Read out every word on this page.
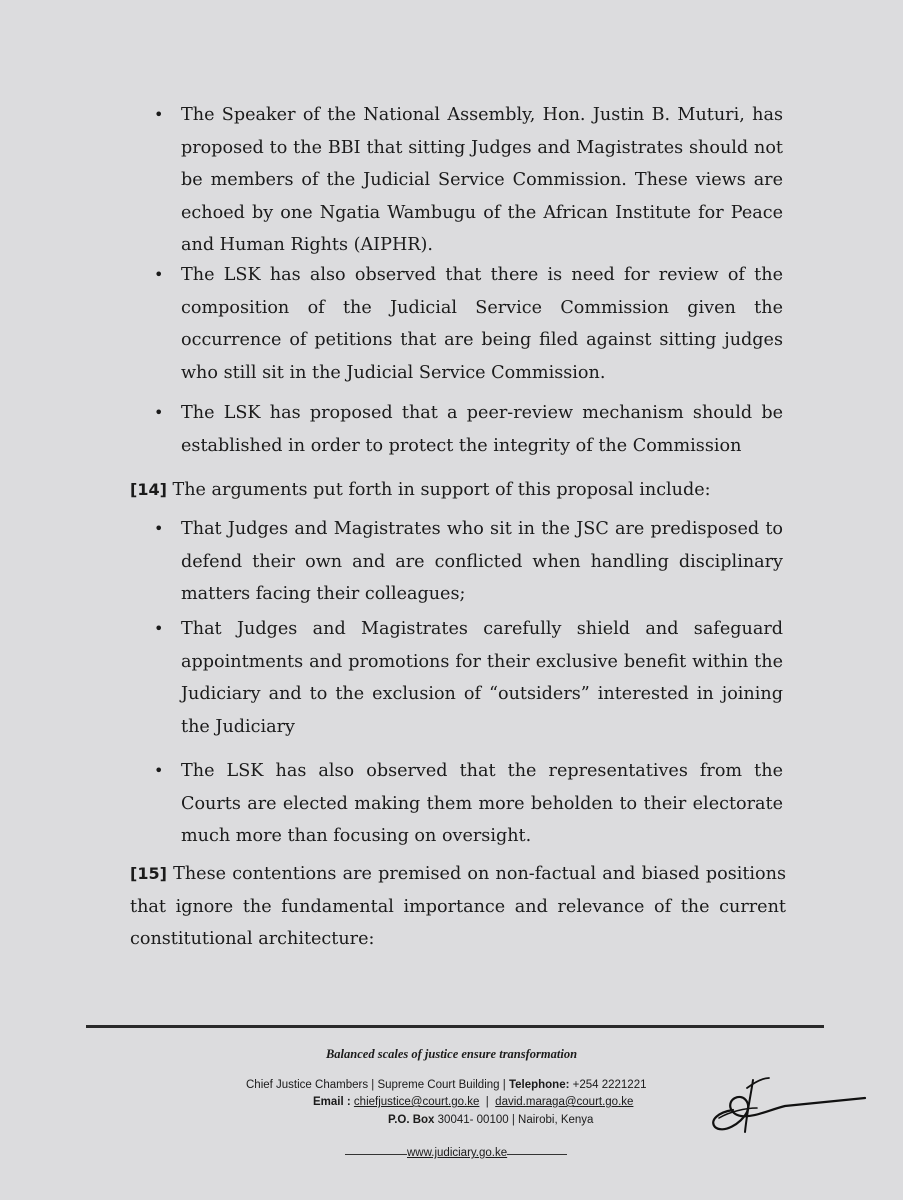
• The Speaker of the National Assembly, Hon. Justin B. Muturi, has proposed to the BBI that sitting Judges and Magistrates should not be members of the Judicial Service Commission. These views are echoed by one Ngatia Wambugu of the African Institute for Peace and Human Rights (AIPHR).
• The LSK has also observed that there is need for review of the composition of the Judicial Service Commission given the occurrence of petitions that are being filed against sitting judges who still sit in the Judicial Service Commission.
• The LSK has proposed that a peer-review mechanism should be established in order to protect the integrity of the Commission
[14] The arguments put forth in support of this proposal include:
• That Judges and Magistrates who sit in the JSC are predisposed to defend their own and are conflicted when handling disciplinary matters facing their colleagues;
• That Judges and Magistrates carefully shield and safeguard appointments and promotions for their exclusive benefit within the Judiciary and to the exclusion of “outsiders” interested in joining the Judiciary
• The LSK has also observed that the representatives from the Courts are elected making them more beholden to their electorate much more than focusing on oversight.
[15] These contentions are premised on non-factual and biased positions that ignore the fundamental importance and relevance of the current constitutional architecture:
Balanced scales of justice ensure transformation
Chief Justice Chambers | Supreme Court Building | Telephone: +254 2221221
Email : chiefjustice@court.go.ke | david.maraga@court.go.ke
P.O. Box 30041- 00100 | Nairobi, Kenya
www.judiciary.go.ke
